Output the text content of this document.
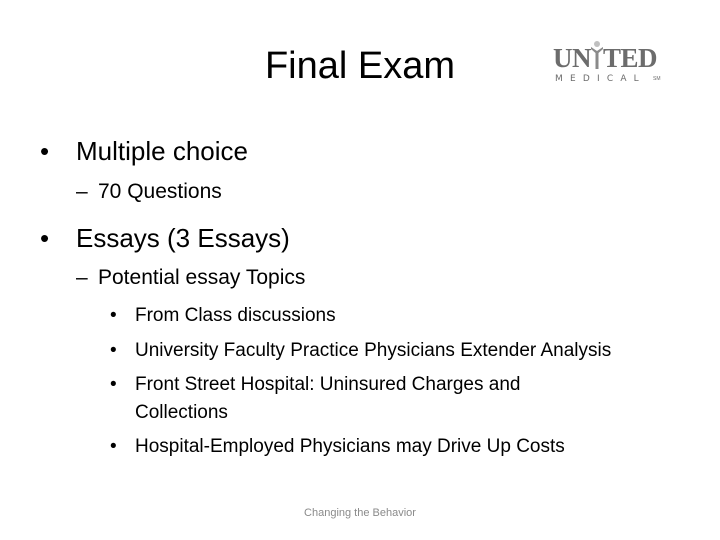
Final Exam	UN TED
MEDICAL SM
• Multiple choice
– 70 Questions
• Essays (3 Essays)
– Potential essay Topics
• From Class discussions
• University Faculty Practice Physicians Extender Analysis
• Front Street Hospital: Uninsured Charges and
Collections
• Hospital-Employed Physicians may Drive Up Costs
Changing the Behavior
